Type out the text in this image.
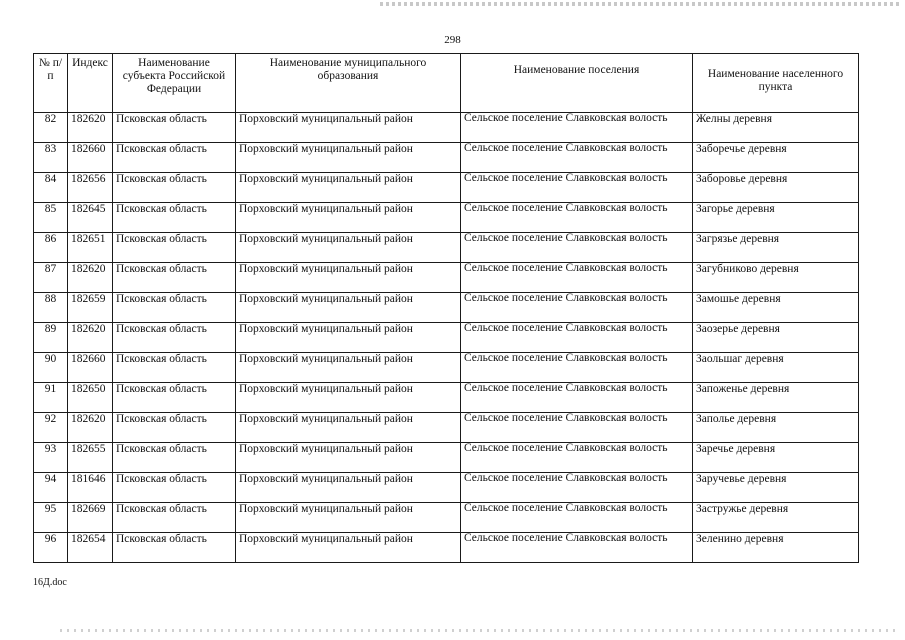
298
№ п/п	Индекс	Наименование субъекта Российской Федерации	Наименование муниципального образования	Наименование поселения	Наименование населенного пункта
82	182620	Псковская область	Порховский муниципальный район	Сельское поселение Славковская волость	Желны деревня
83	182660	Псковская область	Порховский муниципальный район	Сельское поселение Славковская волость	Заборечье деревня
84	182656	Псковская область	Порховский муниципальный район	Сельское поселение Славковская волость	Заборовье деревня
85	182645	Псковская область	Порховский муниципальный район	Сельское поселение Славковская волость	Загорье деревня
86	182651	Псковская область	Порховский муниципальный район	Сельское поселение Славковская волость	Загрязье деревня
87	182620	Псковская область	Порховский муниципальный район	Сельское поселение Славковская волость	Загубниково деревня
88	182659	Псковская область	Порховский муниципальный район	Сельское поселение Славковская волость	Замошье деревня
89	182620	Псковская область	Порховский муниципальный район	Сельское поселение Славковская волость	Заозерье деревня
90	182660	Псковская область	Порховский муниципальный район	Сельское поселение Славковская волость	Заольшаг деревня
91	182650	Псковская область	Порховский муниципальный район	Сельское поселение Славковская волость	Запоженье деревня
92	182620	Псковская область	Порховский муниципальный район	Сельское поселение Славковская волость	Заполье деревня
93	182655	Псковская область	Порховский муниципальный район	Сельское поселение Славковская волость	Заречье деревня
94	181646	Псковская область	Порховский муниципальный район	Сельское поселение Славковская волость	Заручевье деревня
95	182669	Псковская область	Порховский муниципальный район	Сельское поселение Славковская волость	Застружье деревня
96	182654	Псковская область	Порховский муниципальный район	Сельское поселение Славковская волость	Зеленино деревня
16Д.doc
